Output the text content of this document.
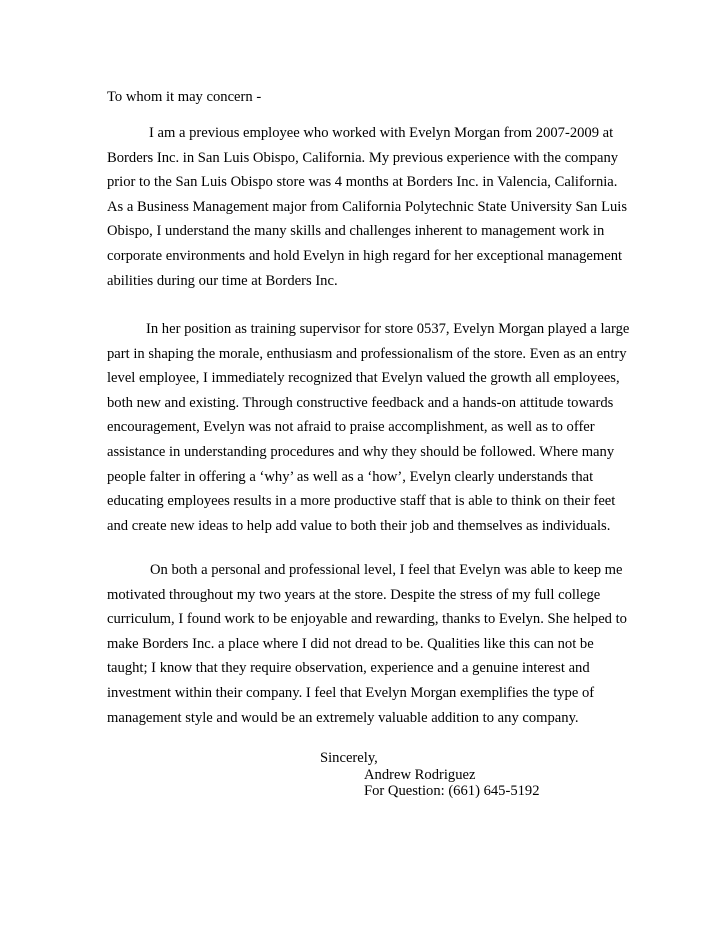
To whom it may concern -
I am a previous employee who worked with Evelyn Morgan from 2007-2009 at
Borders Inc. in San Luis Obispo, California. My previous experience with the company
prior to the San Luis Obispo store was 4 months at Borders Inc. in Valencia, California.
As a Business Management major from California Polytechnic State University San Luis
Obispo, I understand the many skills and challenges inherent to management work in
corporate environments and hold Evelyn in high regard for her exceptional management
abilities during our time at Borders Inc.
In her position as training supervisor for store 0537, Evelyn Morgan played a large
part in shaping the morale, enthusiasm and professionalism of the store. Even as an entry
level employee, I immediately recognized that Evelyn valued the growth all employees,
both new and existing. Through constructive feedback and a hands-on attitude towards
encouragement, Evelyn was not afraid to praise accomplishment, as well as to offer
assistance in understanding procedures and why they should be followed. Where many
people falter in offering a ‘why’ as well as a ‘how’, Evelyn clearly understands that
educating employees results in a more productive staff that is able to think on their feet
and create new ideas to help add value to both their job and themselves as individuals.
On both a personal and professional level, I feel that Evelyn was able to keep me
motivated throughout my two years at the store. Despite the stress of my full college
curriculum, I found work to be enjoyable and rewarding, thanks to Evelyn. She helped to
make Borders Inc. a place where I did not dread to be. Qualities like this can not be
taught; I know that they require observation, experience and a genuine interest and
investment within their company. I feel that Evelyn Morgan exemplifies the type of
management style and would be an extremely valuable addition to any company.
Sincerely,
Andrew Rodriguez
For Question: (661) 645-5192
